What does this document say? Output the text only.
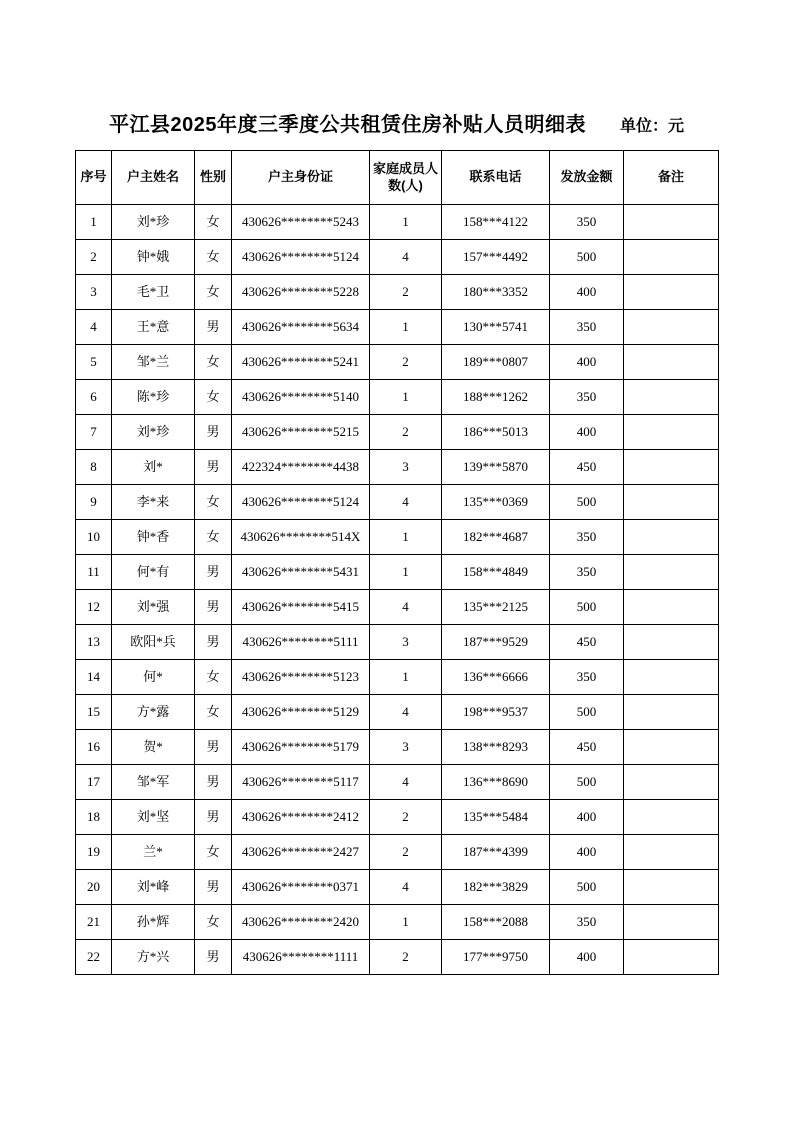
平江县2025年度三季度公共租赁住房补贴人员明细表 单位：元
序号	户主姓名	性别	户主身份证	家庭成员人数(人)	联系电话	发放金额	备注
1	刘*珍	女	430626********5243	1	158***4122	350	
2	钟*娥	女	430626********5124	4	157***4492	500	
3	毛*卫	女	430626********5228	2	180***3352	400	
4	王*意	男	430626********5634	1	130***5741	350	
5	邹*兰	女	430626********5241	2	189***0807	400	
6	陈*珍	女	430626********5140	1	188***1262	350	
7	刘*珍	男	430626********5215	2	186***5013	400	
8	刘*	男	422324********4438	3	139***5870	450	
9	李*来	女	430626********5124	4	135***0369	500	
10	钟*香	女	430626********514X	1	182***4687	350	
11	何*有	男	430626********5431	1	158***4849	350	
12	刘*强	男	430626********5415	4	135***2125	500	
13	欧阳*兵	男	430626********5111	3	187***9529	450	
14	何*	女	430626********5123	1	136***6666	350	
15	方*露	女	430626********5129	4	198***9537	500	
16	贺*	男	430626********5179	3	138***8293	450	
17	邹*军	男	430626********5117	4	136***8690	500	
18	刘*坚	男	430626********2412	2	135***5484	400	
19	兰*	女	430626********2427	2	187***4399	400	
20	刘*峰	男	430626********0371	4	182***3829	500	
21	孙*辉	女	430626********2420	1	158***2088	350	
22	方*兴	男	430626********1111	2	177***9750	400	
